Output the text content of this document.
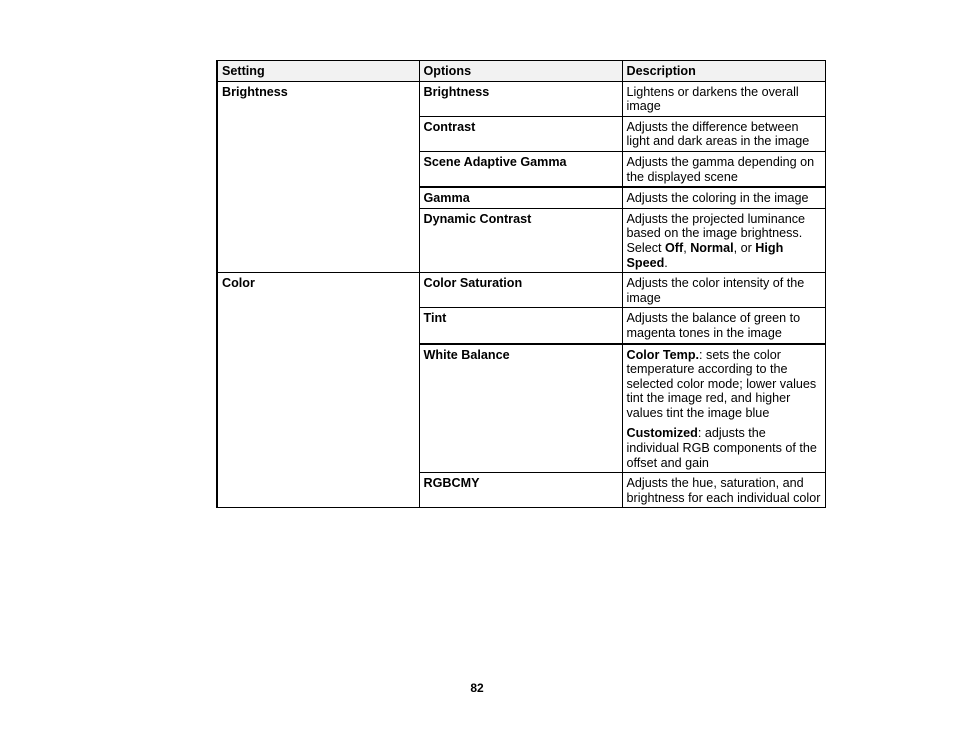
Setting	Options	Description
Brightness	Brightness	Lightens or darkens the overall image
	Contrast	Adjusts the difference between light and dark areas in the image
	Scene Adaptive Gamma	Adjusts the gamma depending on the displayed scene
	Gamma	Adjusts the coloring in the image
	Dynamic Contrast	Adjusts the projected luminance based on the image brightness. Select Off, Normal, or High Speed.
Color	Color Saturation	Adjusts the color intensity of the image
	Tint	Adjusts the balance of green to magenta tones in the image
	White Balance	Color Temp.: sets the color temperature according to the selected color mode; lower values tint the image red, and higher values tint the image blue
Customized: adjusts the individual RGB components of the offset and gain

	RGBCMY	Adjusts the hue, saturation, and brightness for each individual color
82
